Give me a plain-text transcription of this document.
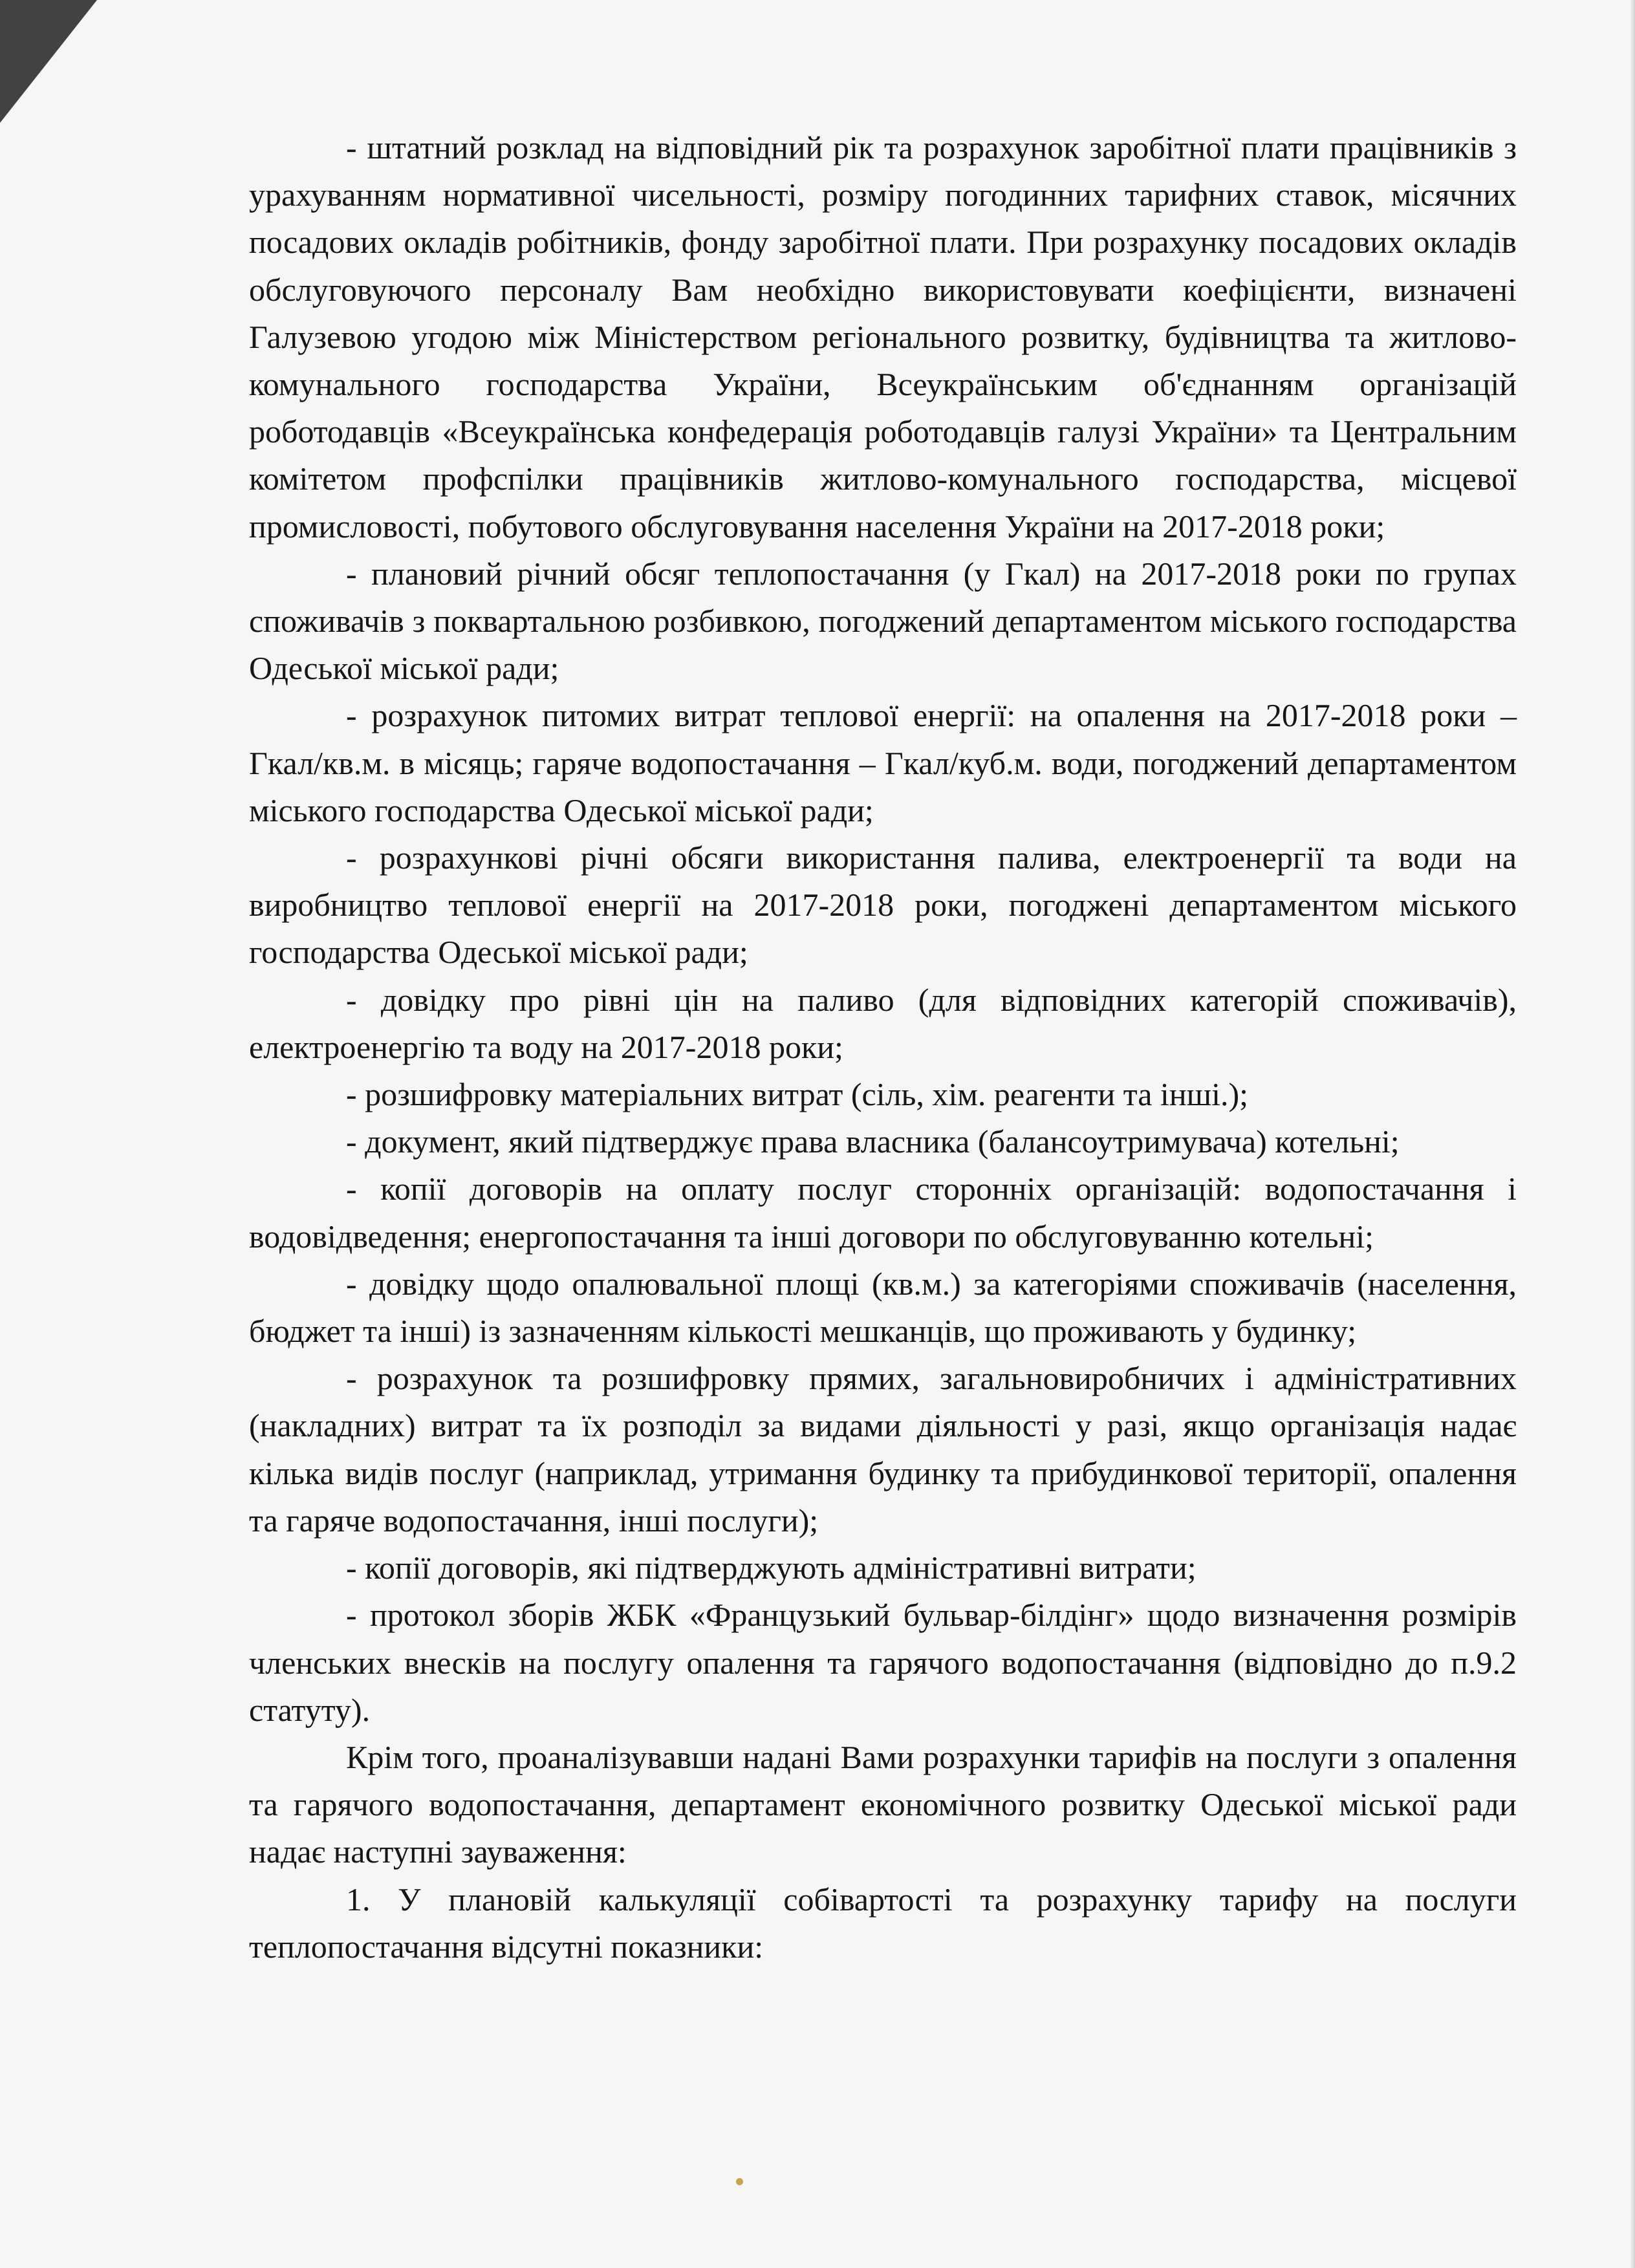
- штатний розклад на відповідний рік та розрахунок заробітної плати працівників з урахуванням нормативної чисельності, розміру погодинних тарифних ставок, місячних посадових окладів робітників, фонду заробітної плати. При розрахунку посадових окладів обслуговуючого персоналу Вам необхідно використовувати коефіцієнти, визначені Галузевою угодою між Міністерством регіонального розвитку, будівництва та житлово-комунального господарства України, Всеукраїнським об'єднанням організацій роботодавців «Всеукраїнська конфедерація роботодавців галузі України» та Центральним комітетом профспілки працівників житлово-комунального господарства, місцевої промисловості, побутового обслуговування населення України на 2017-2018 роки;

- плановий річний обсяг теплопостачання (у Гкал) на 2017-2018 роки по групах споживачів з поквартальною розбивкою, погоджений департаментом міського господарства Одеської міської ради;

- розрахунок питомих витрат теплової енергії: на опалення на 2017-2018 роки – Гкал/кв.м. в місяць; гаряче водопостачання – Гкал/куб.м. води, погоджений департаментом міського господарства Одеської міської ради;

- розрахункові річні обсяги використання палива, електроенергії та води на виробництво теплової енергії на 2017-2018 роки, погоджені департаментом міського господарства Одеської міської ради;

- довідку про рівні цін на паливо (для відповідних категорій споживачів), електроенергію та воду на 2017-2018 роки;

- розшифровку матеріальних витрат (сіль, хім. реагенти та інші.);

- документ, який підтверджує права власника (балансоутримувача) котельні;

- копії договорів на оплату послуг сторонніх організацій: водопостачання і водовідведення; енергопостачання та інші договори по обслуговуванню котельні;

- довідку щодо опалювальної площі (кв.м.) за категоріями споживачів (населення, бюджет та інші) із зазначенням кількості мешканців, що проживають у будинку;

- розрахунок та розшифровку прямих, загальновиробничих і адміністративних (накладних) витрат та їх розподіл за видами діяльності у разі, якщо організація надає кілька видів послуг (наприклад, утримання будинку та прибудинкової території, опалення та гаряче водопостачання, інші послуги);

- копії договорів, які підтверджують адміністративні витрати;

- протокол зборів ЖБК «Французький бульвар-білдінг» щодо визначення розмірів членських внесків на послугу опалення та гарячого водопостачання (відповідно до п.9.2 статуту).

Крім того, проаналізувавши надані Вами розрахунки тарифів на послуги з опалення та гарячого водопостачання, департамент економічного розвитку Одеської міської ради надає наступні зауваження:

1. У плановій калькуляції собівартості та розрахунку тарифу на послуги теплопостачання відсутні показники:
